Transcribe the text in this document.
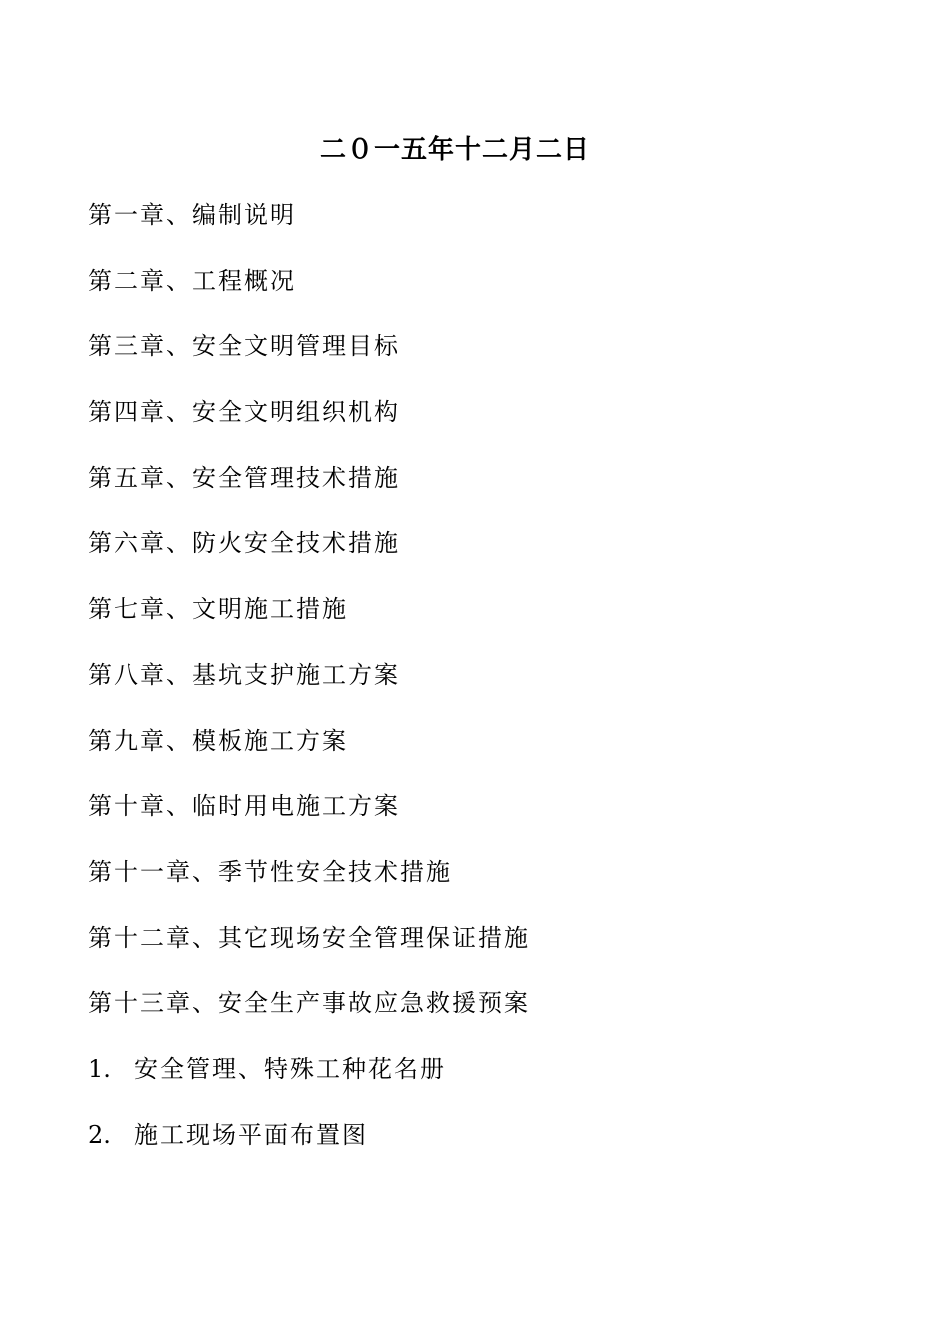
二０一五年十二月二日
第一章、编制说明
第二章、工程概况
第三章、安全文明管理目标
第四章、安全文明组织机构
第五章、安全管理技术措施
第六章、防火安全技术措施
第七章、文明施工措施
第八章、基坑支护施工方案
第九章、模板施工方案
第十章、临时用电施工方案
第十一章、季节性安全技术措施
第十二章、其它现场安全管理保证措施
第十三章、安全生产事故应急救援预案
1. 安全管理、特殊工种花名册
2. 施工现场平面布置图
